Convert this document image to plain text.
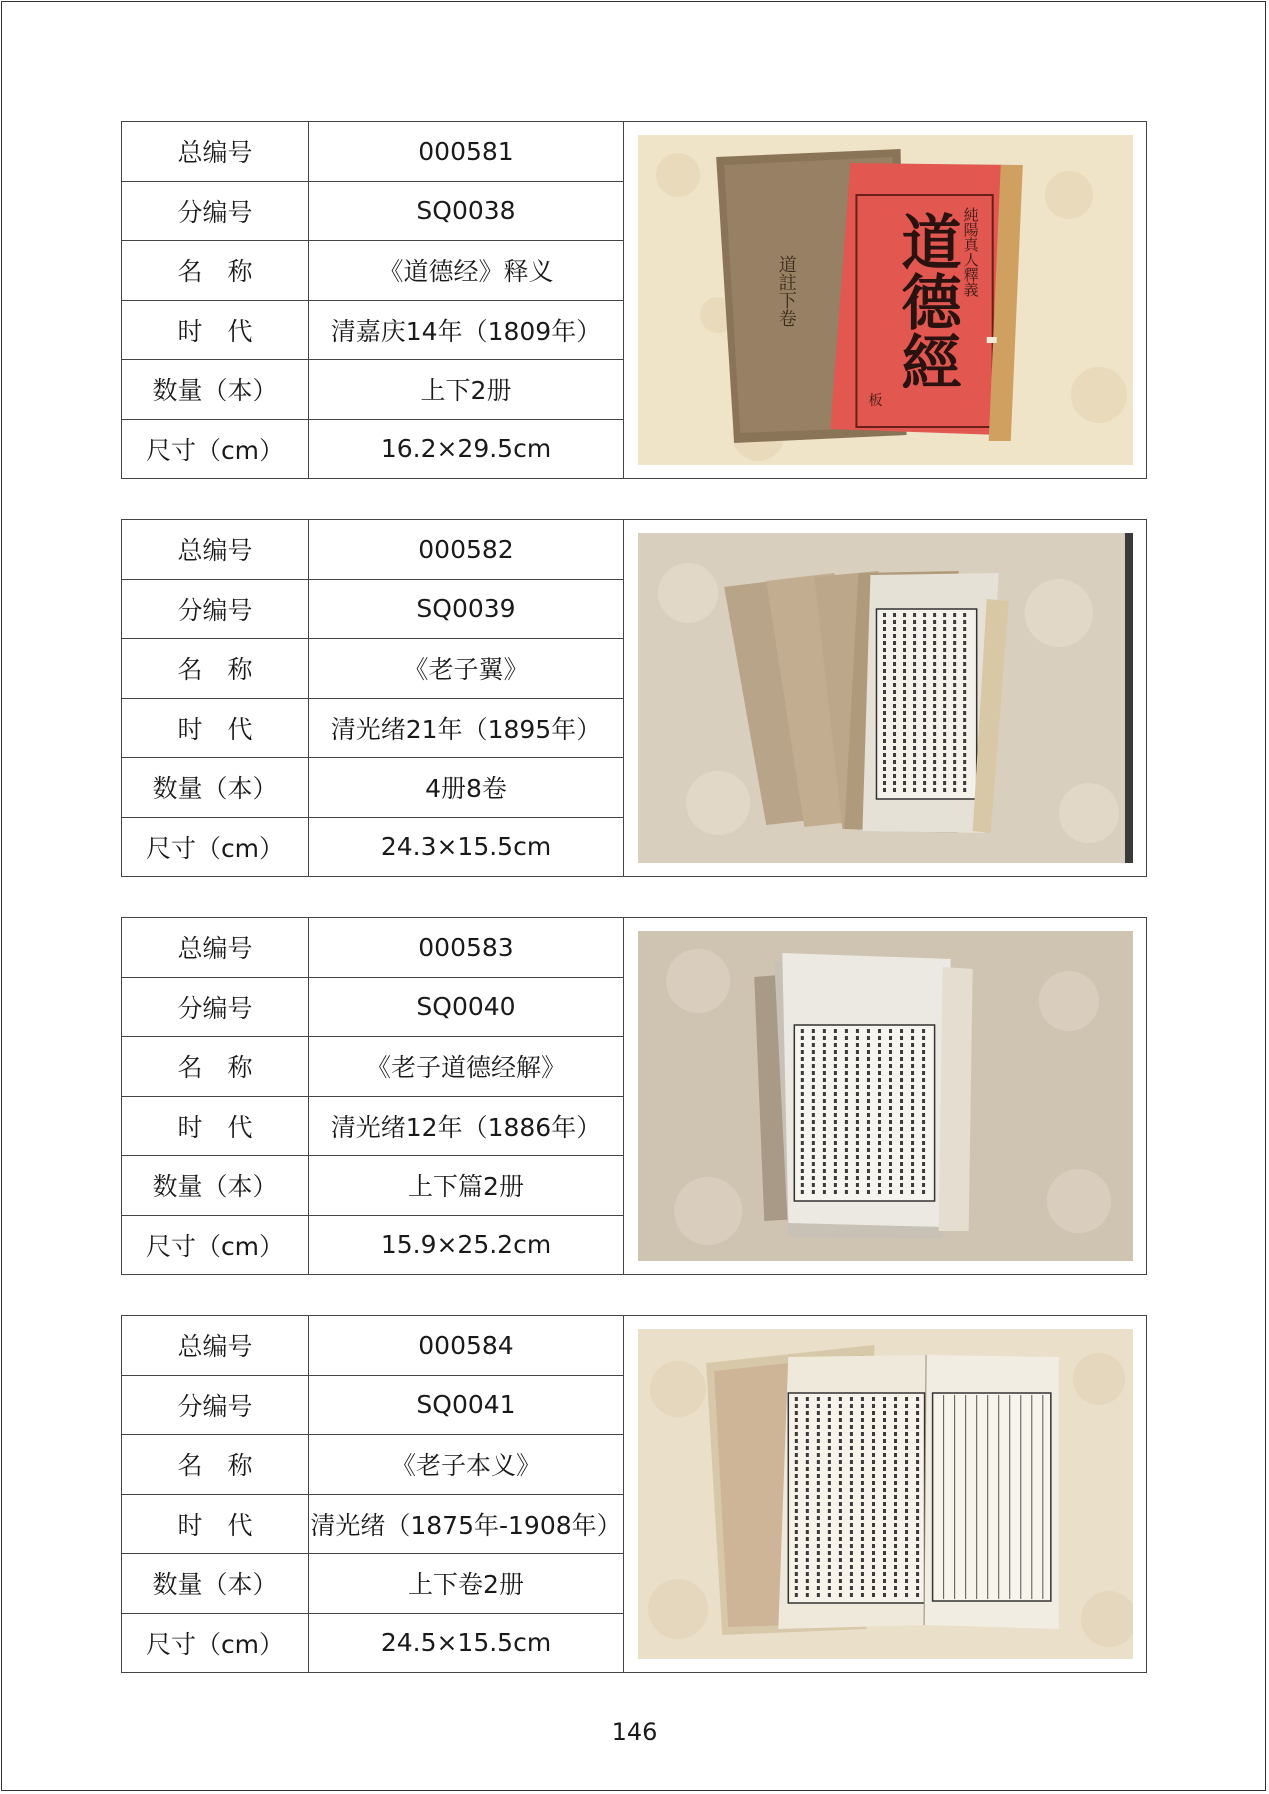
总编号	000581
分编号	SQ0038
名　称	《道德经》释义
时　代	清嘉庆14年（1809年）
数量（本）	上下2册
尺寸（cm）	16.2×29.5cm
道註下卷 道德經 純陽真人釋義
板
总编号	000582
分编号	SQ0039
名　称	《老子翼》
时　代	清光绪21年（1895年）
数量（本）	4册8卷
尺寸（cm）	24.3×15.5cm
总编号	000583
分编号	SQ0040
名　称	《老子道德经解》
时　代	清光绪12年（1886年）
数量（本）	上下篇2册
尺寸（cm）	15.9×25.2cm
总编号	000584
分编号	SQ0041
名　称	《老子本义》
时　代	清光绪（1875年-1908年）
数量（本）	上下卷2册
尺寸（cm）	24.5×15.5cm
146
